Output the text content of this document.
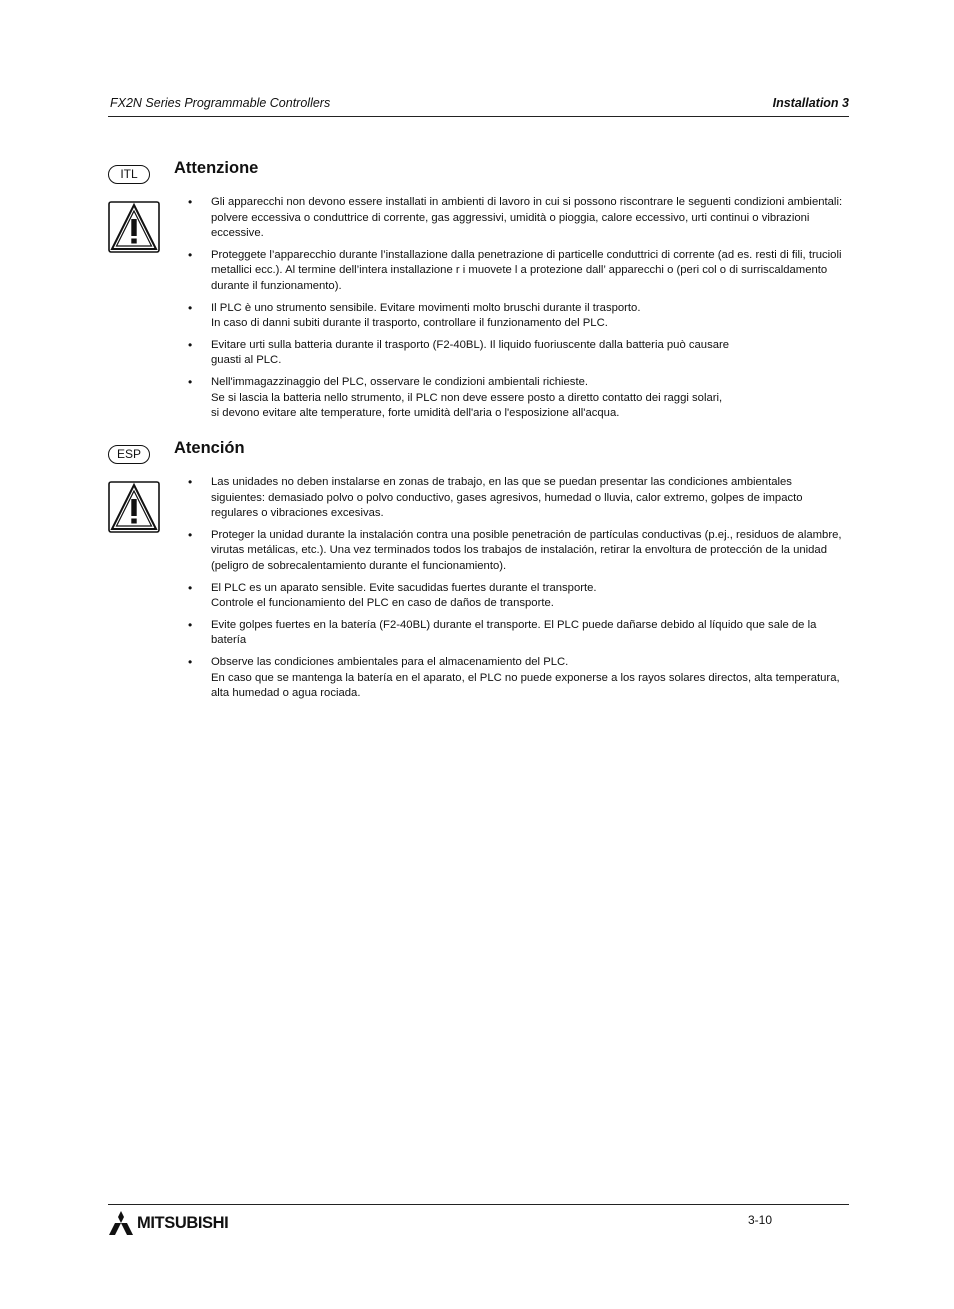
FX2N Series Programmable Controllers	Installation 3
ITL	Attenzione
• Gli apparecchi non devono essere installati in ambienti di lavoro in cui si possono riscontrare le seguenti condizioni ambientali: polvere eccessiva o conduttrice di corrente, gas aggressivi, umidità o pioggia, calore eccessivo, urti continui o vibrazioni eccessive.
• Proteggete l’apparecchio durante l’installazione dalla penetrazione di particelle conduttrici di corrente (ad es. resti di fili, trucioli metallici ecc.). Al termine dell’intera installazione r i muovete l a protezione dall’ apparecchi o (peri col o di surriscaldamento durante il funzionamento).
• Il PLC è uno strumento sensibile. Evitare movimenti molto bruschi durante il trasporto.
In caso di danni subiti durante il trasporto, controllare il funzionamento del PLC.
• Evitare urti sulla batteria durante il trasporto (F2-40BL). Il liquido fuoriuscente dalla batteria può causare
guasti al PLC.
• Nell'immagazzinaggio del PLC, osservare le condizioni ambientali richieste.
Se si lascia la batteria nello strumento, il PLC non deve essere posto a diretto contatto dei raggi solari,
si devono evitare alte temperature, forte umidità dell'aria o l'esposizione all'acqua.
ESP	Atención
• Las unidades no deben instalarse en zonas de trabajo, en las que se puedan presentar las condiciones ambientales siguientes: demasiado polvo o polvo conductivo, gases agresivos, humedad o lluvia, calor extremo, golpes de impacto regulares o vibraciones excesivas.
• Proteger la unidad durante la instalación contra una posible penetración de partículas conductivas (p.ej., residuos de alambre, virutas metálicas, etc.). Una vez terminados todos los trabajos de instalación, retirar la envoltura de protección de la unidad (peligro de sobrecalentamiento durante el funcionamiento).
• El PLC es un aparato sensible. Evite sacudidas fuertes durante el transporte.
Controle el funcionamiento del PLC en caso de daños de transporte.
• Evite golpes fuertes en la batería (F2-40BL) durante el transporte. El PLC puede dañarse debido al líquido que sale de la batería
• Observe las condiciones ambientales para el almacenamiento del PLC.
En caso que se mantenga la batería en el aparato, el PLC no puede exponerse a los rayos solares directos, alta temperatura, alta humedad o agua rociada.
MITSUBISHI	3-10
